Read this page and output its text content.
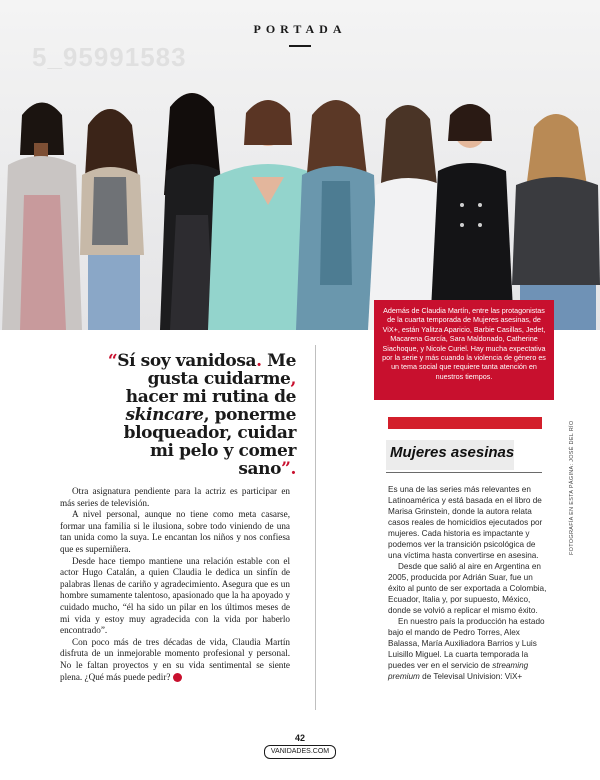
5_95991583
PORTADA
Además de Claudia Martín, entre las protagonistas de la cuarta temporada de Mujeres asesinas, de ViX+, están Yalitza Aparicio, Barbie Casillas, Jedet, Macarena García, Sara Maldonado, Catherine Siachoque, y Nicole Curiel. Hay mucha expectativa por la serie y más cuando la violencia de género es un tema social que requiere tanta atención en nuestros tiempos.
“Sí soy vanidosa. Me gusta cuidarme, hacer mi rutina de skincare, ponerme bloqueador, cuidar mi pelo y comer sano”.

Otra asignatura pendiente para la actriz es participar en más series de televisión.

A nivel personal, aunque no tiene como meta casarse, formar una familia si le ilusiona, sobre todo viniendo de una tan unida como la suya. Le encantan los niños y nos confiesa que es superniñera.

Desde hace tiempo mantiene una relación estable con el actor Hugo Catalán, a quien Claudia le dedica un sinfín de palabras llenas de cariño y agradecimiento. Asegura que es un hombre sumamente talentoso, apasionado que la ha apoyado y cuidado mucho, “él ha sido un pilar en los últimos meses de mi vida y estoy muy agradecida con la vida por haberlo encontrado”.

Con poco más de tres décadas de vida, Claudia Martín disfruta de un inmejorable momento profesional y personal. No le faltan proyectos y en su vida sentimental se siente plena. ¿Qué más puede pedir?

Mujeres asesinas

Es una de las series más relevantes en Latinoamérica y está basada en el libro de Marisa Grinstein, donde la autora relata casos reales de homicidios ejecutados por mujeres. Cada historia es impactante y podemos ver la transición psicológica de una víctima hasta convertirse en asesina.

Desde que salió al aire en Argentina en 2005, producida por Adrián Suar, fue un éxito al punto de ser exportada a Colombia, Ecuador, Italia y, por supuesto, México, donde se volvió a replicar el mismo éxito.

En nuestro país la producción ha estado bajo el mando de Pedro Torres, Alex Balassa, María Auxiliadora Barrios y Luis Luisillo Miguel. La cuarta temporada la puedes ver en el servicio de streaming premium de Televisal Univision: ViX+

FOTOGRAFÍA EN ESTA PÁGINA: JOSÉ DEL RÍO
42
VANIDADES.COM
